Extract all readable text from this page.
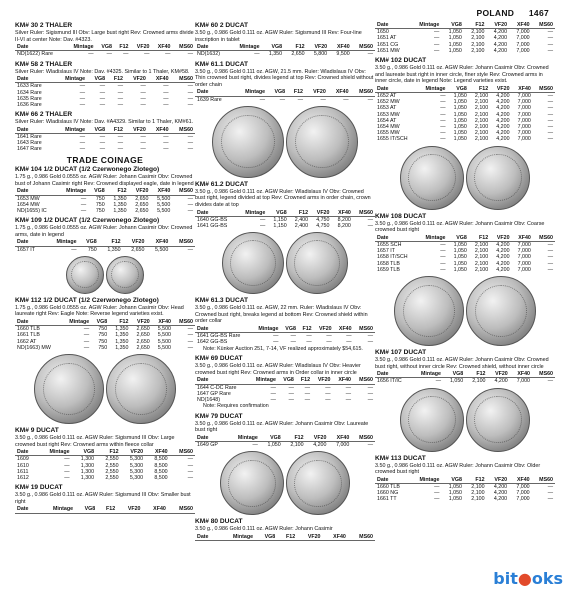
POLAND 1467
KM# 30 2 THALER
Silver Ruler: Sigismund III Obv: Large bust right Rev: Crowned arms divide II-VI at center Note: Dav. #4323.
Date	Mintage	VG8	F12	VF20	XF40	MS60
ND(1622) Rare	—	—	—	—	—	—
KM# 58 2 THALER
Silver Ruler: Wladislaus IV Note: Dav. #4325. Similar to 1 Thaler, KM#58.
Date	Mintage	VG8	F12	VF20	XF40	MS60
1633 Rare	—	—	—	—	—	—
1634 Rare	—	—	—	—	—	—
1635 Rare	—	—	—	—	—	—
1636 Rare	—	—	—	—	—	—
KM# 66 2 THALER
Silver Ruler: Wladislaus IV Note: Dav. #A4329. Similar to 1 Thaler, KM#61.
Date	Mintage	VG8	F12	VF20	XF40	MS60
1641 Rare	—	—	—	—	—	—
1643 Rare	—	—	—	—	—	—
1647 Rare	—	—	—	—	—	—
TRADE COINAGE
KM# 104 1/2 DUCAT (1/2 Czerwonego Zlotego)
1.75 g., 0.986 Gold 0.0555 oz. AGW Ruler: Johann Casimir Obv: Crowned bust of Johann Casimir right Rev: Crowned displayed eagle, date in legend
Date	Mintage	VG8	F12	VF20	XF40	MS60
1653 MW	—	750	1,350	2,650	5,500	—
1654 MW	—	750	1,350	2,650	5,500	—
ND(1655) IC	—	750	1,350	2,650	5,500	—
KM# 109 1/2 DUCAT (1/2 Czerwonego Zlotego)
1.75 g., 0.986 Gold 0.0555 oz. AGW Ruler: Johann Casimir Obv: Crowned arms, date in legend
Date	Mintage	VG8	F12	VF20	XF40	MS60
1657 IT	—	750	1,350	2,650	5,500	—
KM# 112 1/2 DUCAT (1/2 Czerwonego Zlotego)
1.75 g., 0.986 Gold 0.0555 oz. AGW Ruler: Johann Casimir Obv: Head laureate right Rev: Eagle Note: Reverse legend varieties exist.
Date	Mintage	VG8	F12	VF20	XF40	MS60
1660 TLB	—	750	1,350	2,650	5,500	—
1661 TLB	—	750	1,350	2,650	5,500	—
1662 AT	—	750	1,350	2,650	5,500	—
ND(1663) MW	—	750	1,350	2,650	5,500	—
KM# 9 DUCAT
3.50 g., 0.986 Gold 0.111 oz. AGW Ruler: Sigismund III Obv: Large crowned bust right Rev: Crowned arms within fleece collar
Date	Mintage	VG8	F12	VF20	XF40	MS60
1609	—	1,300	2,550	5,300	8,500	—
1610	—	1,300	2,550	5,300	8,500	—
1611	—	1,300	2,550	5,300	8,500	—
1612	—	1,300	2,550	5,300	8,500	—
KM# 19 DUCAT
3.50 g., 0.986 Gold 0.111 oz. AGW Ruler: Sigismund III Obv: Smaller bust right
Date	Mintage	VG8	F12	VF20	XF40	MS60
KM# 60 2 DUCAT
3.50 g., 0.986 Gold 0.111 oz. AGW Ruler: Sigismund III Rev: Four-line inscription in tablet
Date	Mintage	VG8	F12	VF20	XF40	MS60
ND(1632)	—	1,350	2,650	5,800	9,500	—
KM# 61.1 DUCAT
3.50 g., 0.986 Gold 0.111 oz. AGW, 21.5 mm. Ruler: Wladislaus IV Obv: Thin crowned bust right, divides legend at top Rev: Crowned shield without order chain
Date	Mintage	VG8	F12	VF20	XF40	MS60
1639 Rare	—	—	—	—	—	—
KM# 61.2 DUCAT
3.50 g., 0.986 Gold 0.111 oz. AGW Ruler: Wladislaus IV Obv: Crowned bust right, legend divided at top Rev: Crowned arms in order chain, crown divides date at top
Date	Mintage	VG8	F12	VF20	XF40	MS60
1640 GG-BS	—	1,150	2,400	4,750	8,200	—
1641 GG-BS	—	1,150	2,400	4,750	8,200	—
KM# 61.3 DUCAT
3.50 g., 0.986 Gold 0.111 oz. AGW, 22 mm. Ruler: Wladislaus IV Obv: Crowned bust right, breaks legend at bottom Rev: Crowned shield within order collar
Date	Mintage	VG8	F12	VF20	XF40	MS60
1641 GG-BS Rare	—	—	—	—	—	—
1642 GG-BS	—	—	—	—	—	—
Note: Künker Auction 251, 7-14, VF realized approximately $54,615.
KM# 69 DUCAT
3.50 g., 0.986 Gold 0.111 oz. AGW Ruler: Wladislaus IV Obv: Heavier crowned bust right Rev: Crowned arms in Order collar in inner circle
Date	Mintage	VG8	F12	VF20	XF40	MS60
1644 C-DC Rare	—	—	—	—	—	—
1647 GP Rare	—	—	—	—	—	—
ND(1648)	—	—	—	—	—	—
Note: Requires confirmation
KM# 79 DUCAT
3.50 g., 0.986 Gold 0.111 oz. AGW Ruler: Johann Casimir Obv: Laureate bust right
Date	Mintage	VG8	F12	VF20	XF40	MS60
1649 GP	—	1,050	2,100	4,200	7,000	—
KM# 80 DUCAT
3.50 g., 0.986 Gold 0.111 oz. AGW Ruler: Johann Casimir
Date	Mintage	VG8	F12	VF20	XF40	MS60
Date	Mintage	VG8	F12	VF20	XF40	MS60
1650	—	1,050	2,100	4,200	7,000	—
1651 AT	—	1,050	2,100	4,200	7,000	—
1651 CG	—	1,050	2,100	4,200	7,000	—
1651 MW	—	1,050	2,100	4,200	7,000	—
KM# 102 DUCAT
3.50 g., 0.986 Gold 0.111 oz. AGW Ruler: Johann Casimir Obv: Crowned and laureate bust right in inner circle, finer style Rev: Crowned arms in inner circle, date in legend Note: Legend varieties exist.
Date	Mintage	VG8	F12	VF20	XF40	MS60
1652 AT	—	1,050	2,100	4,200	7,000	—
1652 MW	—	1,050	2,100	4,200	7,000	—
1653 AT	—	1,050	2,100	4,200	7,000	—
1653 MW	—	1,050	2,100	4,200	7,000	—
1654 AT	—	1,050	2,100	4,200	7,000	—
1654 MW	—	1,050	2,100	4,200	7,000	—
1655 MW	—	1,050	2,100	4,200	7,000	—
1655 IT/SCH	—	1,050	2,100	4,200	7,000	—
KM# 108 DUCAT
3.50 g., 0.986 Gold 0.111 oz. AGW Ruler: Johann Casimir Obv: Coarse crowned bust right
Date	Mintage	VG8	F12	VF20	XF40	MS60
1655 SCH	—	1,050	2,100	4,200	7,000	—
1657 IT	—	1,050	2,100	4,200	7,000	—
1658 IT/SCH	—	1,050	2,100	4,200	7,000	—
1658 TLB	—	1,050	2,100	4,200	7,000	—
1659 TLB	—	1,050	2,100	4,200	7,000	—
KM# 107 DUCAT
3.50 g., 0.986 Gold 0.111 oz. AGW Ruler: Johann Casimir Obv: Crowned bust right, without inner circle Rev: Crowned shield, without inner circle
Date	Mintage	VG8	F12	VF20	XF40	MS60
1656 IT/IC	—	1,050	2,100	4,200	7,000	—
KM# 113 DUCAT
3.50 g., 0.986 Gold 0.111 oz. AGW Ruler: Johann Casimir Obv: Older crowned bust right
Date	Mintage	VG8	F12	VF20	XF40	MS60
1660 TLB	—	1,050	2,100	4,200	7,000	—
1660 NG	—	1,050	2,100	4,200	7,000	—
1661 TT	—	1,050	2,100	4,200	7,000	—
bit●oks
